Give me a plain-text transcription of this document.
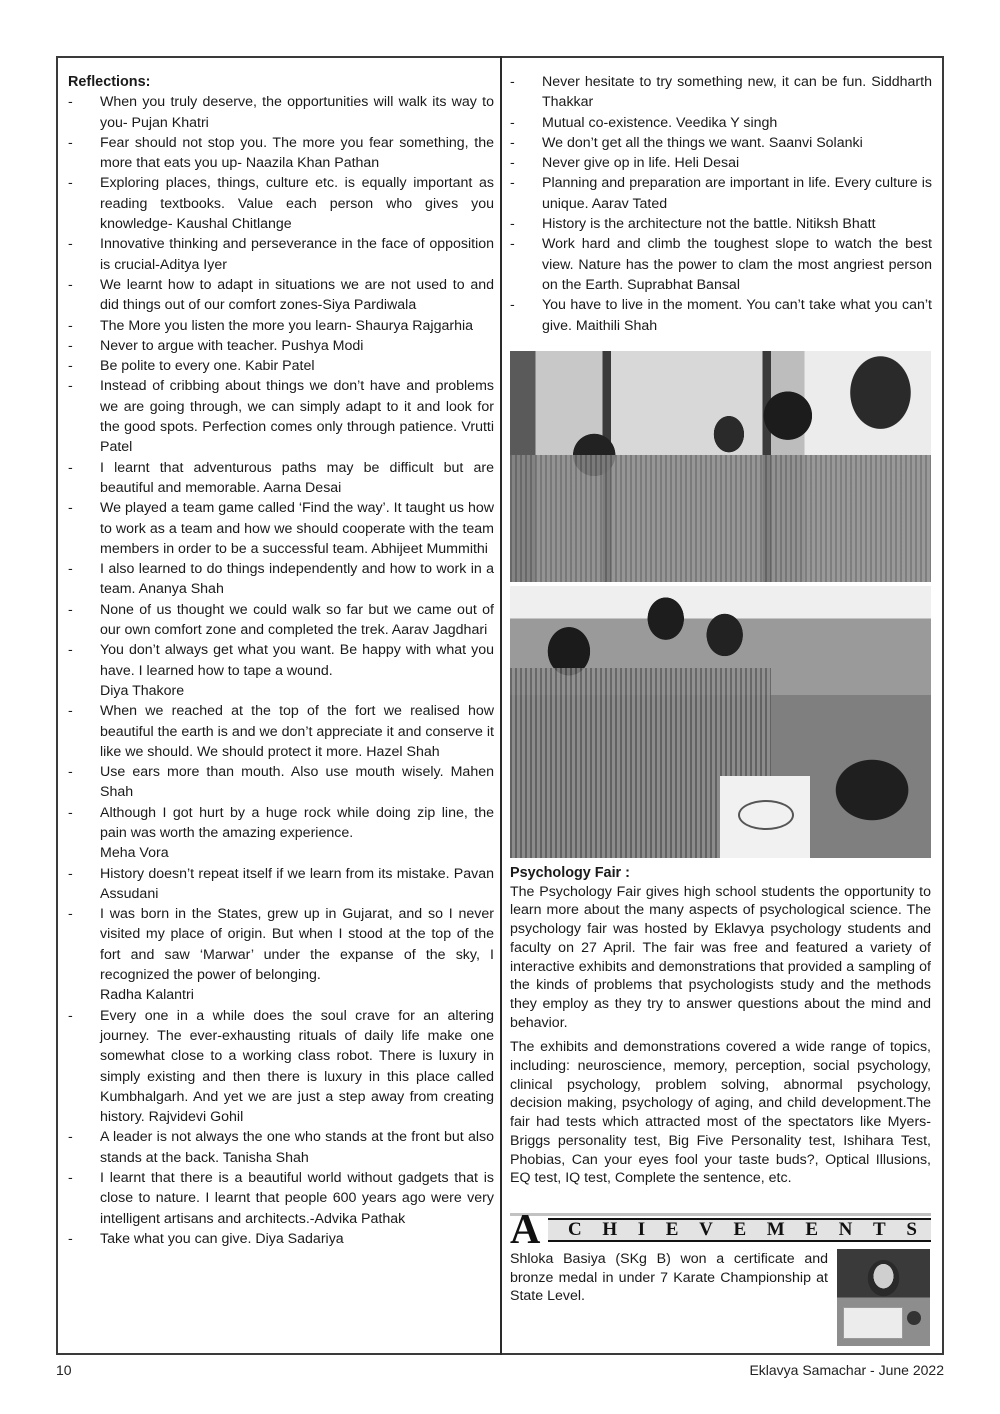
Reflections:
-	When you truly deserve, the opportunities will walk its way to you- Pujan Khatri
-	Fear should not stop you. The more you fear something, the more that eats you up- Naazila Khan Pathan
-	Exploring places, things, culture etc. is equally important as reading textbooks. Value each person who gives you knowledge- Kaushal Chitlange
-	Innovative thinking and perseverance in the face of opposition is crucial-Aditya Iyer
-	We learnt how to adapt in situations we are not used to and did things out of our comfort zones-Siya Pardiwala
-	The More you listen the more you learn- Shaurya Rajgarhia
-	Never to argue with teacher. Pushya Modi
-	Be polite to every one. Kabir Patel
-	Instead of cribbing about things we don’t have and problems we are going through, we can simply adapt to it and look for the good spots. Perfection comes only through patience. Vrutti Patel
-	I learnt that adventurous paths may be difficult but are beautiful and memorable. Aarna Desai
-	We played a team game called ‘Find the way’. It taught us how to work as a team and how we should cooperate with the team members in order to be a successful team. Abhijeet Mummithi
-	I also learned to do things independently and how to work in a team. Ananya Shah
-	None of us thought we could walk so far but we came out of our own comfort zone and completed the trek. Aarav Jagdhari
-	You don’t always get what you want. Be happy with what you have. I learned how to tape a wound.
Diya Thakore
-	When we reached at the top of the fort we realised how beautiful the earth is and we don’t appreciate it and conserve it like we should. We should protect it more. Hazel Shah
-	Use ears more than mouth. Also use mouth wisely. Mahen Shah
-	Although I got hurt by a huge rock while doing zip line, the pain was worth the amazing experience.
Meha Vora
-	History doesn’t repeat itself if we learn from its mistake. Pavan Assudani
-	I was born in the States, grew up in Gujarat, and so I never visited my place of origin. But when I stood at the top of the fort and saw ‘Marwar’ under the expanse of the sky, I recognized the power of belonging.
Radha Kalantri
-	Every one in a while does the soul crave for an altering journey. The ever-exhausting rituals of daily life make one somewhat close to a working class robot. There is luxury in simply existing and then there is luxury in this place called Kumbhalgarh. And yet we are just a step away from creating history. Rajvidevi Gohil
-	A leader is not always the one who stands at the front but also stands at the back. Tanisha Shah
-	I learnt that there is a beautiful world without gadgets that is close to nature. I learnt that people 600 years ago were very intelligent artisans and architects.-Advika Pathak
-	Take what you can give. Diya Sadariya
-	Never hesitate to try something new, it can be fun. Siddharth Thakkar
-	Mutual co-existence. Veedika Y singh
-	We don’t get all the things we want. Saanvi Solanki
-	Never give op in life. Heli Desai
-	Planning and preparation are important in life. Every culture is unique. Aarav Tated
-	History is the architecture not the battle. Nitiksh Bhatt
-	Work hard and climb the toughest slope to watch the best view. Nature has the power to clam the most angriest person on the Earth. Suprabhat Bansal
-	You have to live in the moment. You can’t take what you can’t give. Maithili Shah
Psychology Fair :

The Psychology Fair gives high school students the opportunity to learn more about the many aspects of psychological science. The psychology fair was hosted by Eklavya psychology students and faculty on 27 April. The fair was free and featured a variety of interactive exhibits and demonstrations that provided a sampling of the kinds of problems that psychologists study and the methods they employ as they try to answer questions about the mind and behavior.

The exhibits and demonstrations covered a wide range of topics, including: neuroscience, memory, perception, social psychology, clinical psychology, problem solving, abnormal psychology, decision making, psychology of aging, and child development.The fair had tests which attracted most of the spectators like Myers-Briggs personality test, Big Five Personality test, Ishihara Test, Phobias, Can your eyes fool your taste buds?, Optical Illusions, EQ test, IQ test, Complete the sentence, etc.

A C H I E V E M E N T S
Shloka Basiya (SKg B) won a certificate and bronze medal in under 7 Karate Championship at State Level.
10	Eklavya Samachar - June 2022
